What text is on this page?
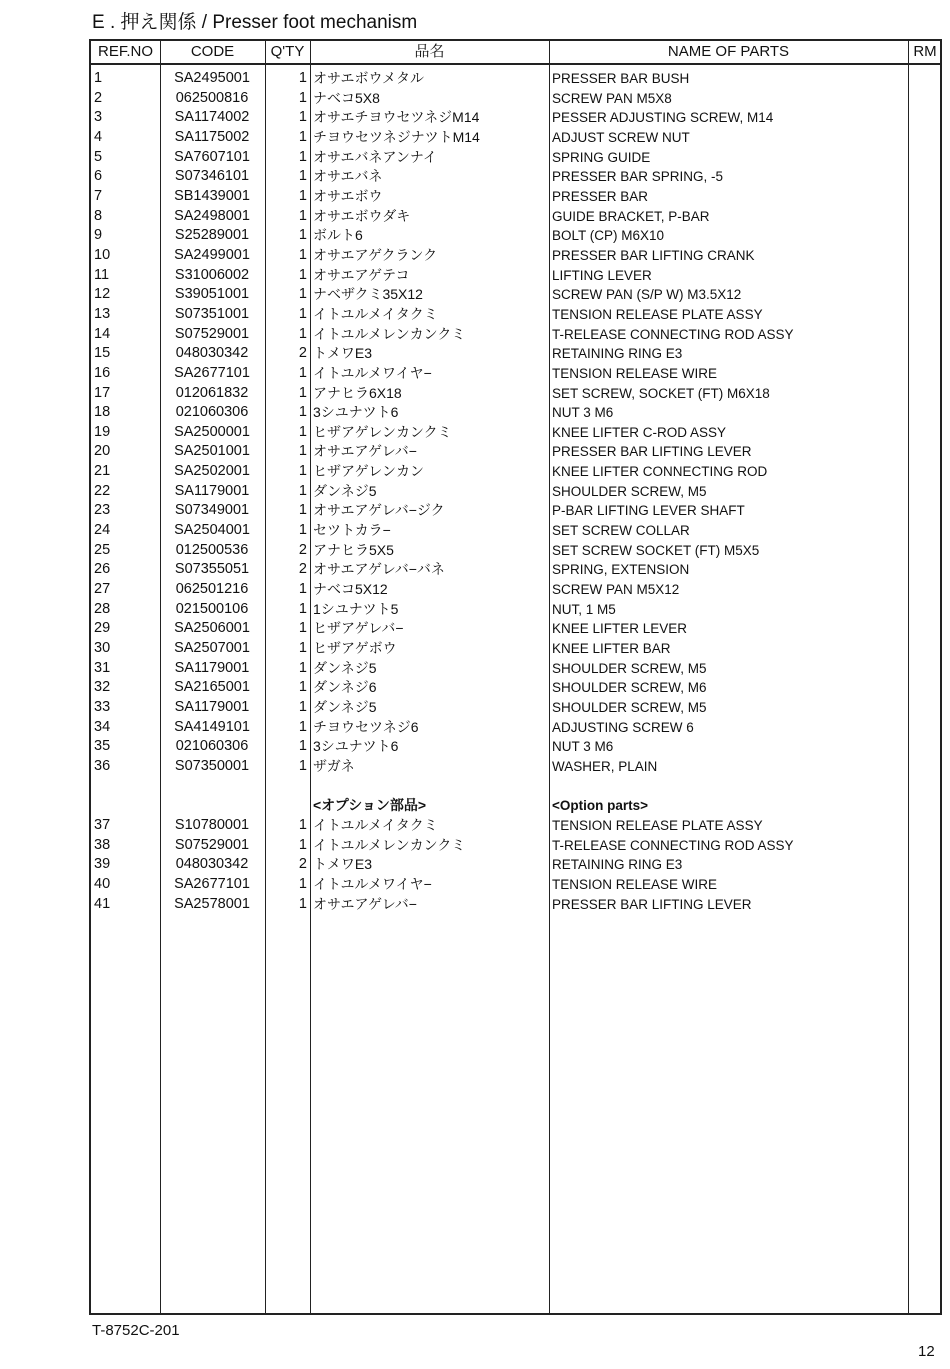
E . 押え関係 / Presser foot mechanism
REF.NO	CODE	Q'TY	品名	NAME OF PARTS	RM
1	SA2495001	1 オサエボウメタル	PRESSER BAR BUSH
2	062500816	1 ナベコ5X8	SCREW PAN M5X8
3	SA1174002	1 オサエチヨウセツネジM14	PESSER ADJUSTING SCREW, M14
4	SA1175002	1 チヨウセツネジナツトM14	ADJUST SCREW NUT
5	SA7607101	1 オサエバネアンナイ	SPRING GUIDE
6	S07346101	1 オサエバネ	PRESSER BAR SPRING, -5
7	SB1439001	1 オサエボウ	PRESSER BAR
8	SA2498001	1 オサエボウダキ	GUIDE BRACKET, P-BAR
9	S25289001	1 ボルト6	BOLT (CP) M6X10
10	SA2499001	1 オサエアゲクランク	PRESSER BAR LIFTING CRANK
11	S31006002	1 オサエアゲテコ	LIFTING LEVER
12	S39051001	1 ナベザクミ35X12	SCREW PAN (S/P W) M3.5X12
13	S07351001	1 イトユルメイタクミ	TENSION RELEASE PLATE ASSY
14	S07529001	1 イトユルメレンカンクミ	T-RELEASE CONNECTING ROD ASSY
15	048030342	2 トメワE3	RETAINING RING E3
16	SA2677101	1 イトユルメワイヤ−	TENSION RELEASE WIRE
17	012061832	1 アナヒラ6X18	SET SCREW, SOCKET (FT) M6X18
18	021060306	1 3シユナツト6	NUT 3 M6
19	SA2500001	1 ヒザアゲレンカンクミ	KNEE LIFTER C-ROD ASSY
20	SA2501001	1 オサエアゲレバ−	PRESSER BAR LIFTING LEVER
21	SA2502001	1 ヒザアゲレンカン	KNEE LIFTER CONNECTING ROD
22	SA1179001	1 ダンネジ5	SHOULDER SCREW, M5
23	S07349001	1 オサエアゲレバ−ジク	P-BAR LIFTING LEVER SHAFT
24	SA2504001	1 セツトカラ−	SET SCREW COLLAR
25	012500536	2 アナヒラ5X5	SET SCREW SOCKET (FT) M5X5
26	S07355051	2 オサエアゲレバ−バネ	SPRING, EXTENSION
27	062501216	1 ナベコ5X12	SCREW PAN M5X12
28	021500106	1 1シユナツト5	NUT, 1 M5
29	SA2506001	1 ヒザアゲレバ−	KNEE LIFTER LEVER
30	SA2507001	1 ヒザアゲボウ	KNEE LIFTER BAR
31	SA1179001	1 ダンネジ5	SHOULDER SCREW, M5
32	SA2165001	1 ダンネジ6	SHOULDER SCREW, M6
33	SA1179001	1 ダンネジ5	SHOULDER SCREW, M5
34	SA4149101	1 チヨウセツネジ6	ADJUSTING SCREW 6
35	021060306	1 3シユナツト6	NUT 3 M6
36	S07350001	1 ザガネ	WASHER, PLAIN
<オプション部品>	<Option parts>
37	S10780001	1 イトユルメイタクミ	TENSION RELEASE PLATE ASSY
38	S07529001	1 イトユルメレンカンクミ	T-RELEASE CONNECTING ROD ASSY
39	048030342	2 トメワE3	RETAINING RING E3
40	SA2677101	1 イトユルメワイヤ−	TENSION RELEASE WIRE
41	SA2578001	1 オサエアゲレバ−	PRESSER BAR LIFTING LEVER
T-8752C-201
12
